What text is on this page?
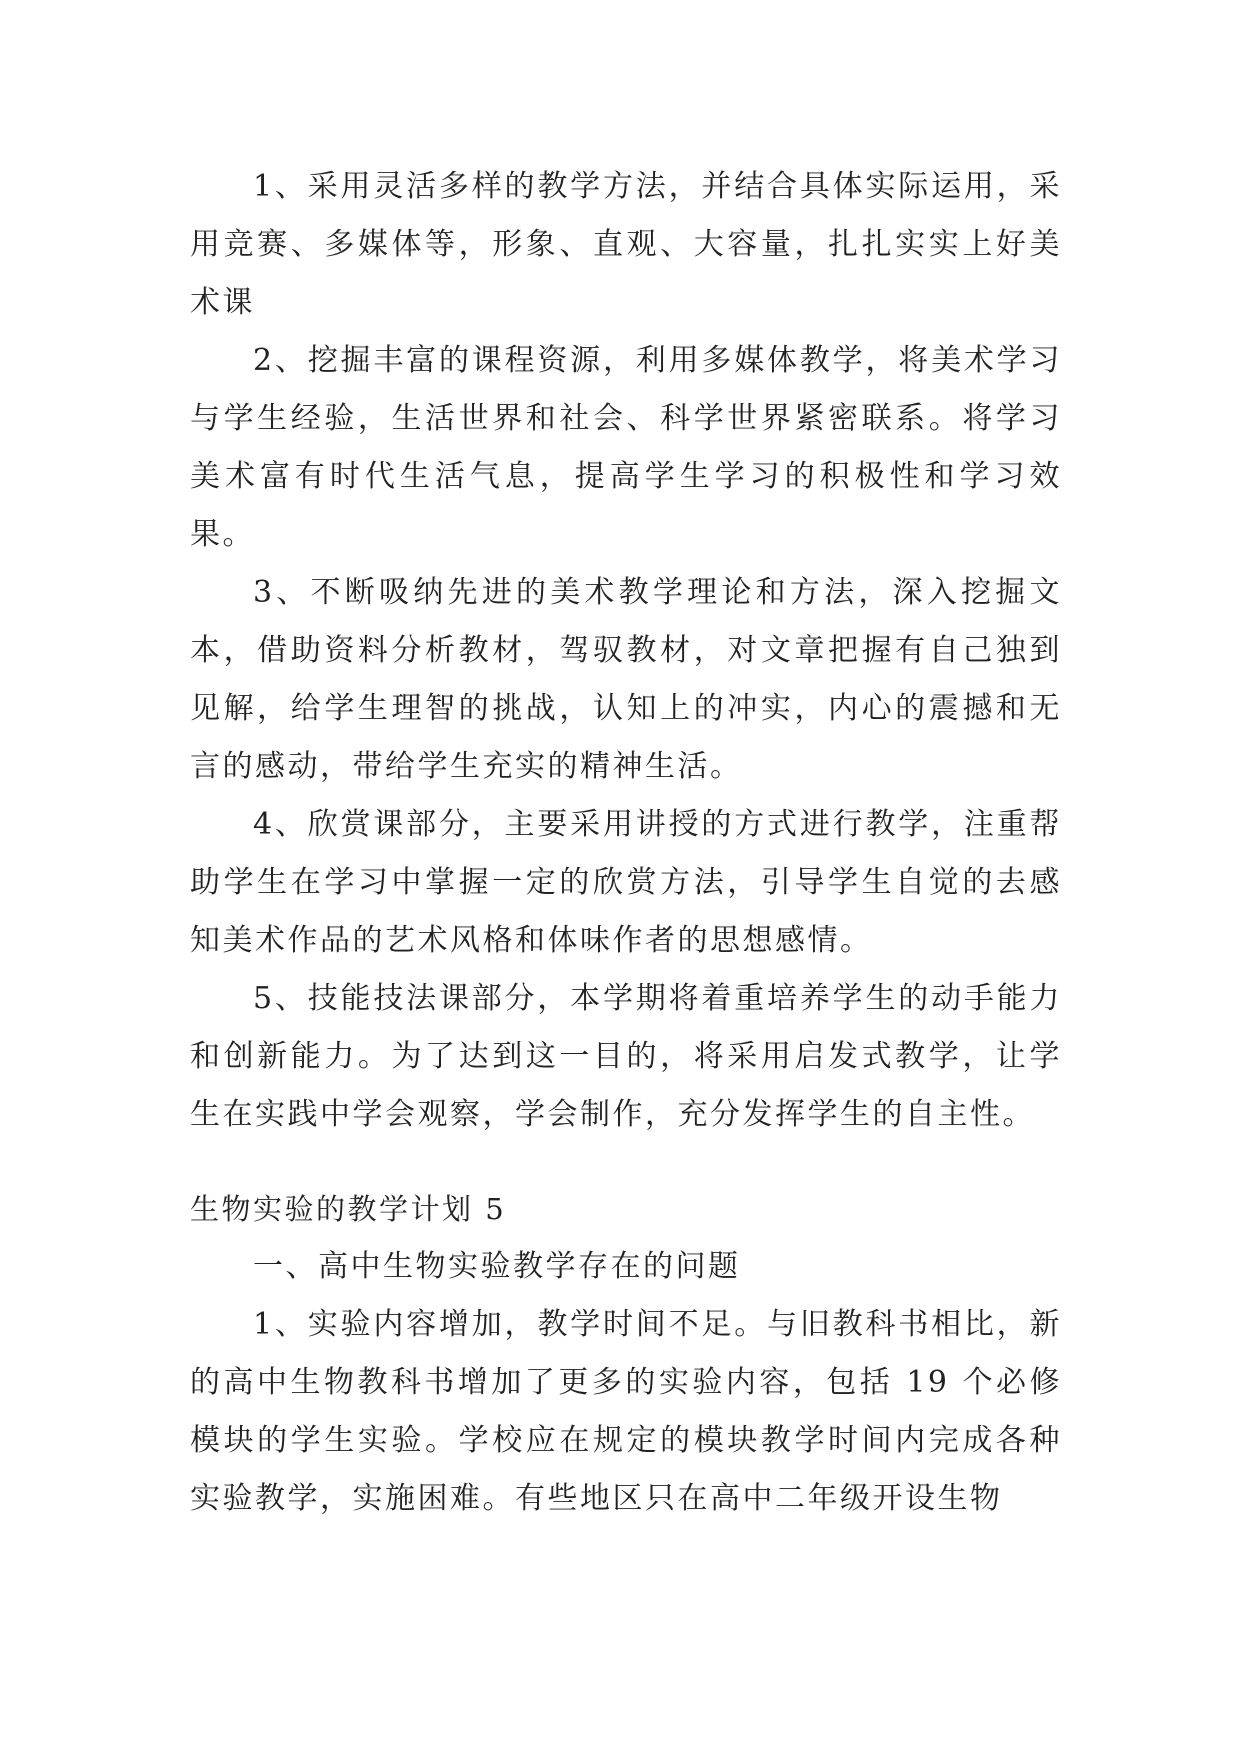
1、采用灵活多样的教学方法，并结合具体实际运用，采用竞赛、多媒体等，形象、直观、大容量，扎扎实实上好美术课

2、挖掘丰富的课程资源，利用多媒体教学，将美术学习与学生经验，生活世界和社会、科学世界紧密联系。将学习美术富有时代生活气息，提高学生学习的积极性和学习效果。

3、不断吸纳先进的美术教学理论和方法，深入挖掘文本，借助资料分析教材，驾驭教材，对文章把握有自己独到见解，给学生理智的挑战，认知上的冲实，内心的震撼和无言的感动，带给学生充实的精神生活。

4、欣赏课部分，主要采用讲授的方式进行教学，注重帮助学生在学习中掌握一定的欣赏方法，引导学生自觉的去感知美术作品的艺术风格和体味作者的思想感情。

5、技能技法课部分，本学期将着重培养学生的动手能力和创新能力。为了达到这一目的，将采用启发式教学，让学生在实践中学会观察，学会制作，充分发挥学生的自主性。

生物实验的教学计划 5

一、高中生物实验教学存在的问题

1、实验内容增加，教学时间不足。与旧教科书相比，新的高中生物教科书增加了更多的实验内容，包括 19 个必修模块的学生实验。学校应在规定的模块教学时间内完成各种实验教学，实施困难。有些地区只在高中二年级开设生物
